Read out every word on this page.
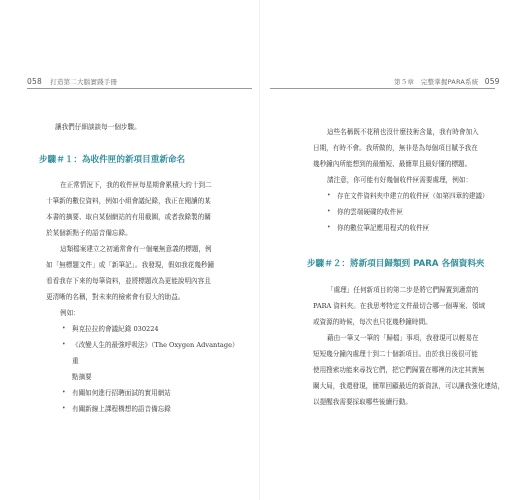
058 打造第二大腦實踐手冊

讓我們仔細談談每一個步驟。

步驟＃１：為收件匣的新項目重新命名
在正常情況下，我的收件匣每星期會累積大約十到二
十筆新的數位資料，例如小組會議紀錄，我正在閱讀的某
本書的摘要、取自某個網站的有用截圖，或者我錄製的關
於某個新點子的語音備忘錄。
這類檔案建立之初通常會有一個毫無意義的標題，例
如「無標題文件」或「新筆記」。我發現，假如我花幾秒鐘
看看我存下來的每筆資料，並將標題改為更能說明內容且
更清晰的名稱，對未來的檢索會有很大的助益。
例如：
• 與克拉拉的會議紀錄 030224
• 《改變人生的最強呼吸法》（The Oxygen Advantage）重
點摘要
• 有關如何進行招聘面試的實用網站
• 有關新線上課程構想的語音備忘錄
第５章　完整掌握PARA系統 059
這些名稱既不花稍也沒什麼技術含量，我有時會加入
日期，有時不會。我所做的，無非是為每個項目賦予我在
幾秒鐘內所能想到的最簡短、最簡單且最好懂的標題。
請注意，你可能有好幾個收件匣需要處理，例如：
• 存在文件資料夾中建立的收件匣（如第四章的建議）
• 你的雲端硬碟的收件匣
• 你的數位筆記應用程式的收件匣
步驟＃２：將新項目歸類到 PARA 各個資料夾
「處理」任何新項目的第二步是將它們歸置到適當的
PARA 資料夾。在我思考特定文件最切合哪一個專案、領域
或資源的時候，每次也只花幾秒鐘時間。
藉由一筆又一筆的「歸檔」事項，我發現可以輕易在
短短幾分鐘內處理十到二十個新項目。由於我日後很可能
使用搜索功能來尋找它們，把它們歸置在哪裡的決定其實無
關大局，我還發現，簡單回顧最近的新資訊，可以讓我強化連結，
以提醒我需要採取哪些後續行動。
